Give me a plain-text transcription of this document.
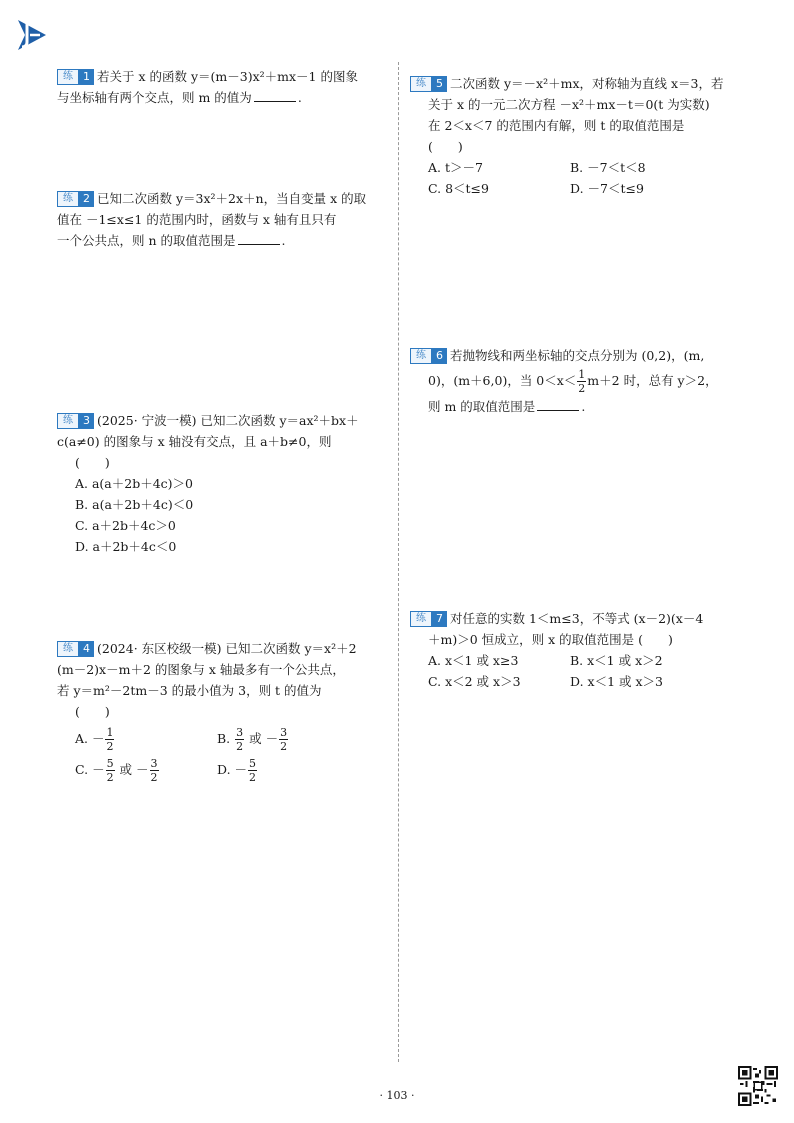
练 1 若关于 x 的函数 y＝(m－3)x²＋mx－1 的图象
与坐标轴有两个交点，则 m 的值为	.
练 2 已知二次函数 y＝3x²＋2x＋n，当自变量 x 的取
值在 －1≤x≤1 的范围内时，函数与 x 轴有且只有
一个公共点，则 n 的取值范围是	.
练 3 (2025· 宁波一模) 已知二次函数 y＝ax²＋bx＋
c(a≠0) 的图象与 x 轴没有交点，且 a＋b≠0，则
(　　)
A. a(a＋2b＋4c)＞0
B. a(a＋2b＋4c)＜0
C. a＋2b＋4c＞0
D. a＋2b＋4c＜0
练 4 (2024· 东区校级一模) 已知二次函数 y＝x²＋2
(m－2)x－m＋2 的图象与 x 轴最多有一个公共点，
若 y＝m²－2tm－3 的最小值为 3，则 t 的值为
(　　)
A. － $\frac{1}{2}$	B. $\frac{3}{2}$ 或 － $\frac{3}{2}$
C. － $\frac{5}{2}$ 或 － $\frac{3}{2}$	D. － $\frac{5}{2}$
练 5 二次函数 y＝－x²＋mx，对称轴为直线 x＝3，若
关于 x 的一元二次方程 －x²＋mx－t＝0(t 为实数)
在 2＜x＜7 的范围内有解，则 t 的取值范围是
(　　)
A. t＞－7	B. －7＜t＜8
C. 8＜t≤9	D. －7＜t≤9
练 6 若抛物线和两坐标轴的交点分别为 (0,2)，(m,
0)，(m＋6,0)，当 $0<x< \frac{1}{2} m+2$ 时，总有 y＞2，
则 m 的取值范围是	.
练 7 对任意的实数 1＜m≤3，不等式 (x－2)(x－4
＋m)＞0 恒成立，则 x 的取值范围是 (　　)
A. x＜1 或 x≥3	B. x＜1 或 x＞2
C. x＜2 或 x＞3	D. x＜1 或 x＞3
· 103 ·
